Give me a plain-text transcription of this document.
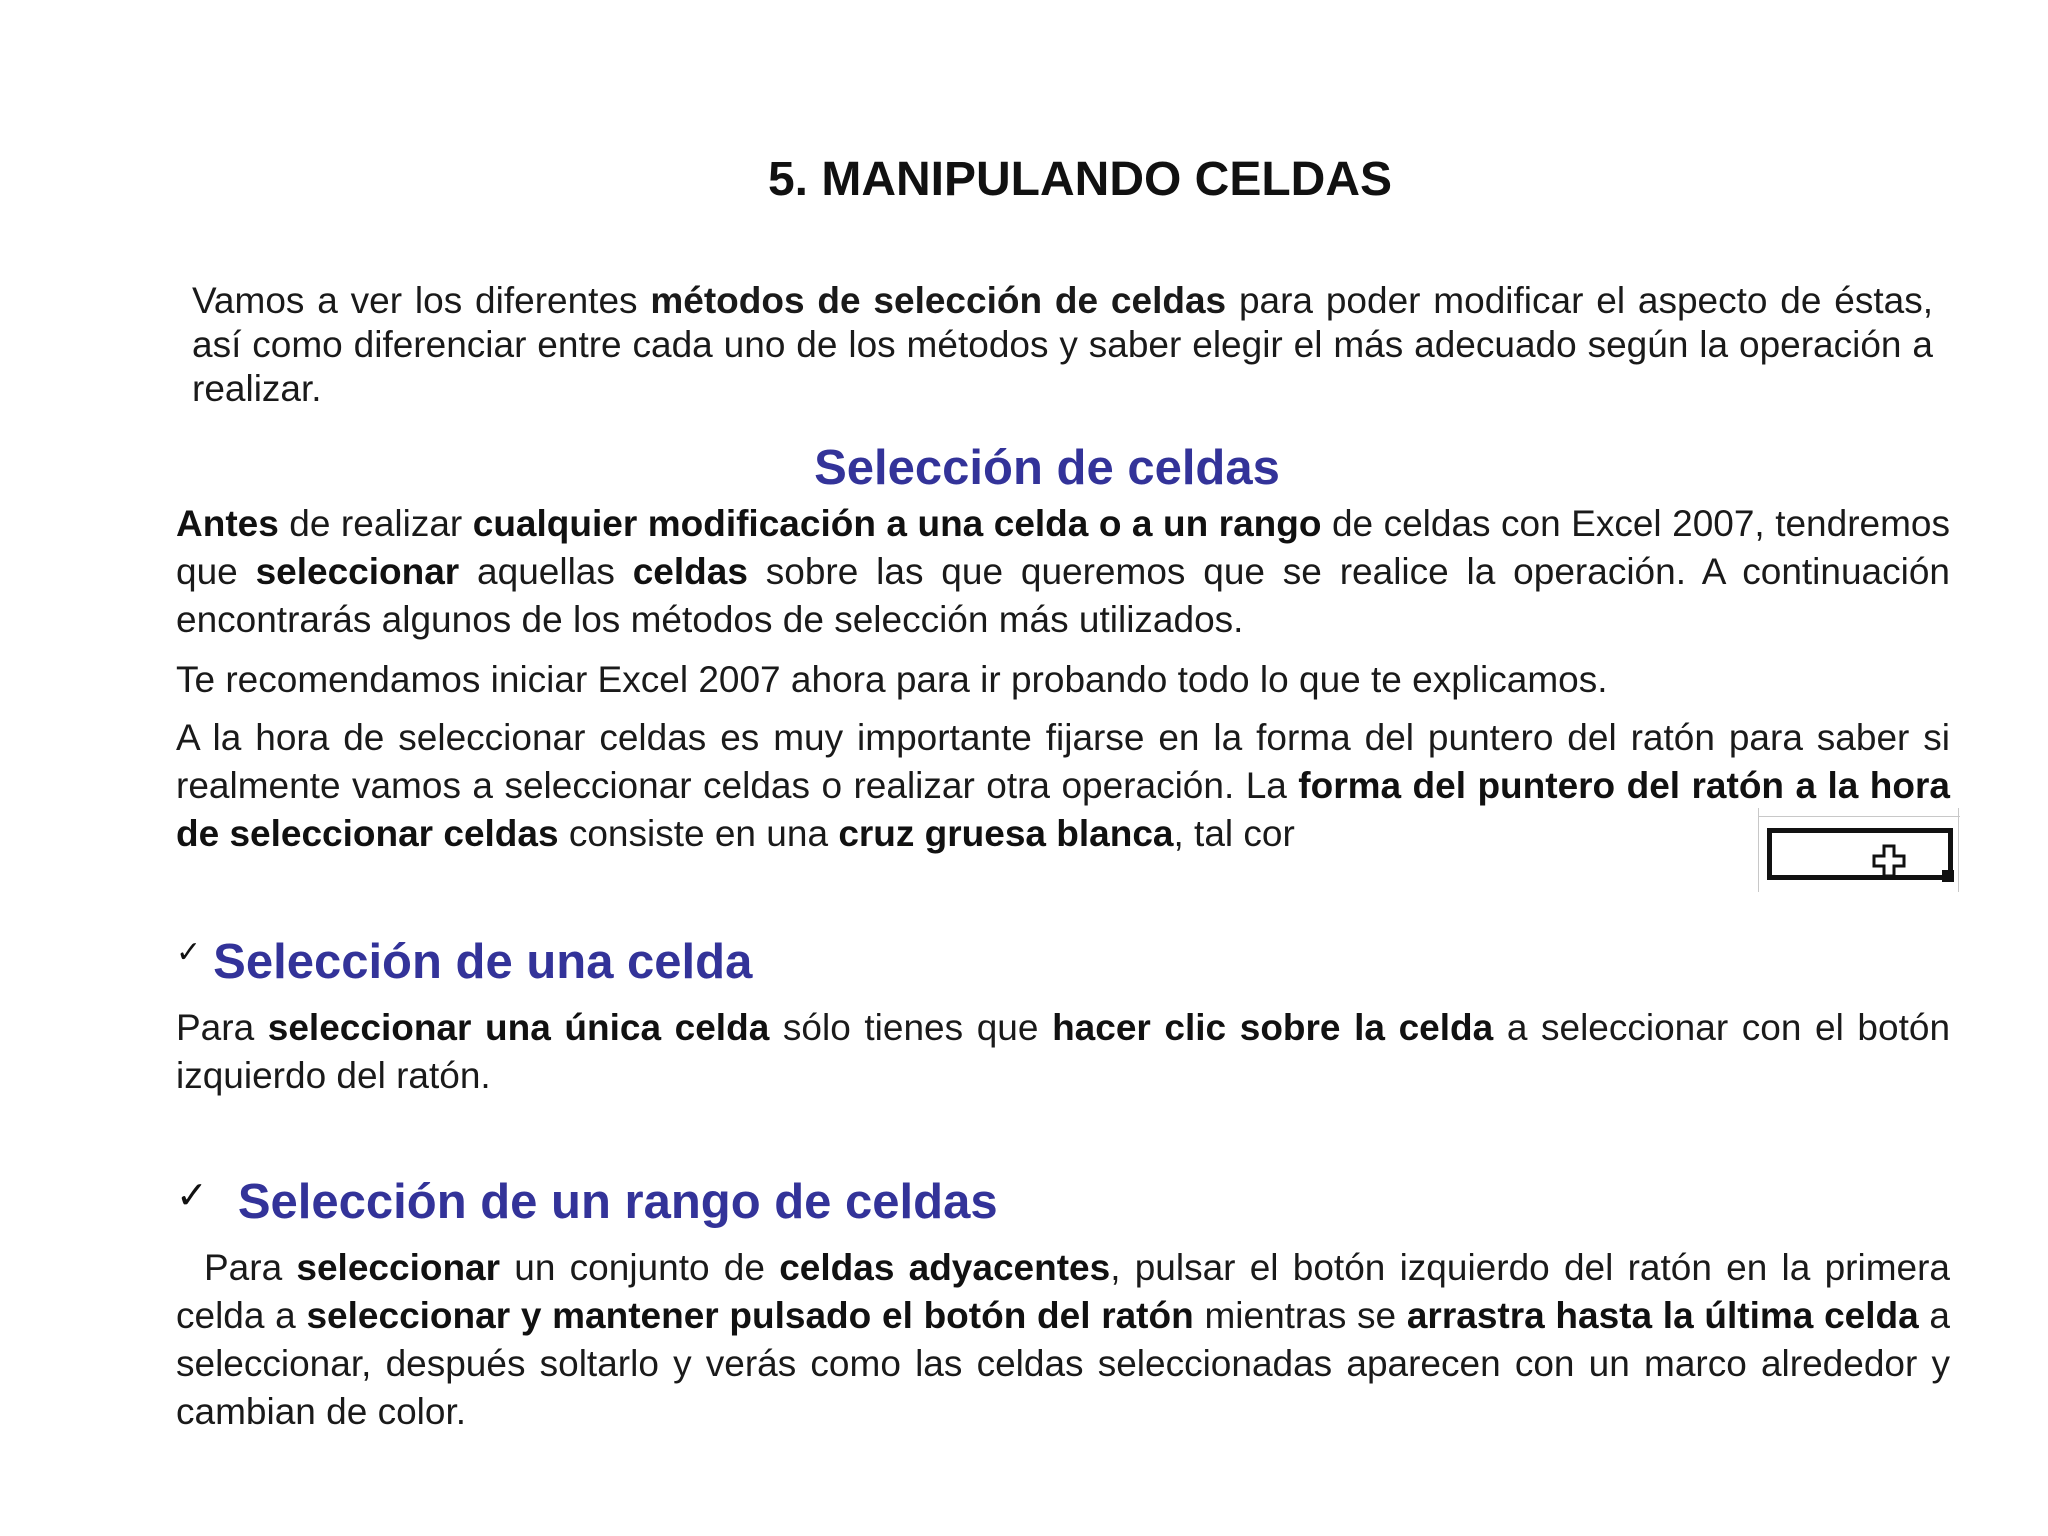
5. MANIPULANDO CELDAS

Vamos a ver los diferentes métodos de selección de celdas para poder modificar el aspecto de éstas, así como diferenciar entre cada uno de los métodos y saber elegir el más adecuado según la operación a realizar.

Selección de celdas

Antes de realizar cualquier modificación a una celda o a un rango de celdas con Excel 2007, tendremos que seleccionar aquellas celdas sobre las que queremos que se realice la operación. A continuación encontrarás algunos de los métodos de selección más utilizados.

Te recomendamos iniciar Excel 2007 ahora para ir probando todo lo que te explicamos.

A la hora de seleccionar celdas es muy importante fijarse en la forma del puntero del ratón para saber si realmente vamos a seleccionar celdas o realizar otra operación. La forma del puntero del ratón a la hora de seleccionar celdas consiste en una cruz gruesa blanca, tal cor

✓ Selección de una celda

Para seleccionar una única celda sólo tienes que hacer clic sobre la celda a seleccionar con el botón izquierdo del ratón.

✓ Selección de un rango de celdas

Para seleccionar un conjunto de celdas adyacentes, pulsar el botón izquierdo del ratón en la primera celda a seleccionar y mantener pulsado el botón del ratón mientras se arrastra hasta la última celda a seleccionar, después soltarlo y verás como las celdas seleccionadas aparecen con un marco alrededor y cambian de color.
